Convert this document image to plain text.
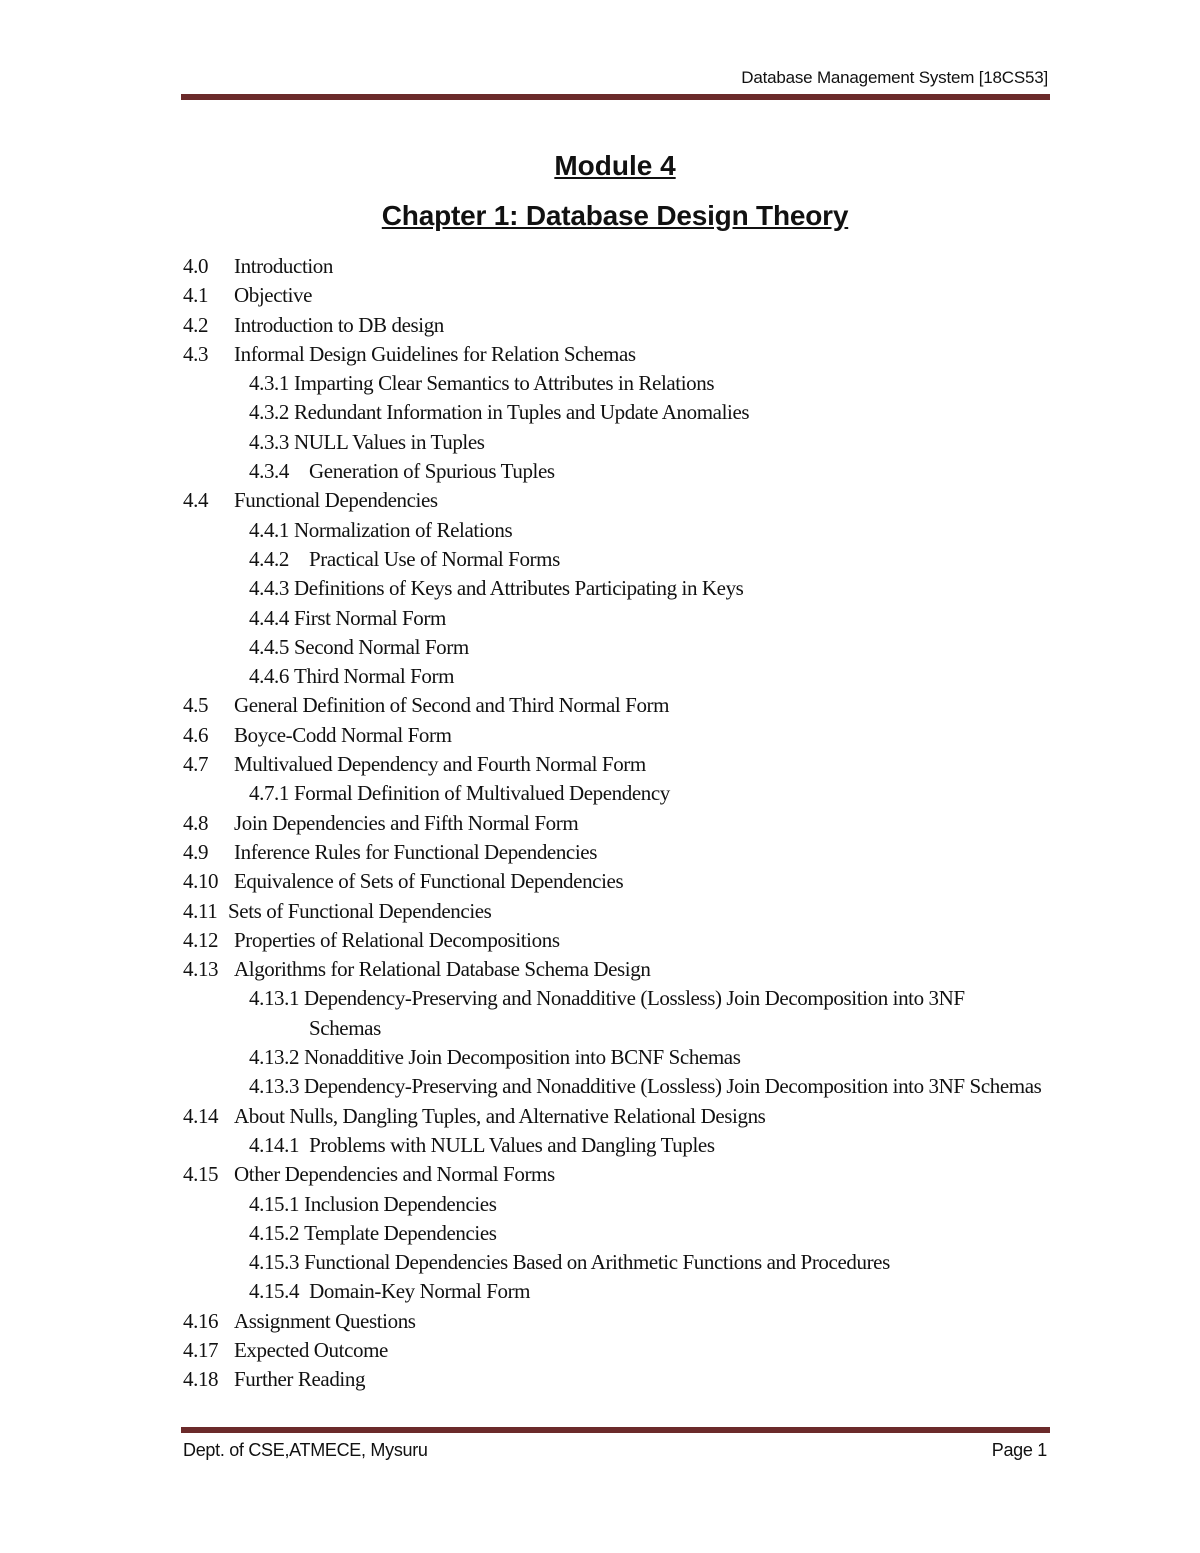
Database Management System [18CS53]
Module 4
Chapter 1: Database Design Theory
4.0	Introduction
4.1	Objective
4.2	Introduction to DB design
4.3	Informal Design Guidelines for Relation Schemas
4.3.1 Imparting Clear Semantics to Attributes in Relations
4.3.2 Redundant Information in Tuples and Update Anomalies
4.3.3 NULL Values in Tuples
4.3.4 Generation of Spurious Tuples
4.4	Functional Dependencies
4.4.1 Normalization of Relations
4.4.2 Practical Use of Normal Forms
4.4.3 Definitions of Keys and Attributes Participating in Keys
4.4.4 First Normal Form
4.4.5 Second Normal Form
4.4.6 Third Normal Form
4.5	General Definition of Second and Third Normal Form
4.6	Boyce-Codd Normal Form
4.7	Multivalued Dependency and Fourth Normal Form
4.7.1 Formal Definition of Multivalued Dependency
4.8	Join Dependencies and Fifth Normal Form
4.9	Inference Rules for Functional Dependencies
4.10 Equivalence of Sets of Functional Dependencies
4.11 Sets of Functional Dependencies
4.12 Properties of Relational Decompositions
4.13 Algorithms for Relational Database Schema Design
4.13.1 Dependency-Preserving and Nonadditive (Lossless) Join Decomposition into 3NF
Schemas
4.13.2 Nonadditive Join Decomposition into BCNF Schemas
4.13.3 Dependency-Preserving and Nonadditive (Lossless) Join Decomposition into 3NF Schemas
4.14 About Nulls, Dangling Tuples, and Alternative Relational Designs
4.14.1 Problems with NULL Values and Dangling Tuples
4.15 Other Dependencies and Normal Forms
4.15.1 Inclusion Dependencies
4.15.2 Template Dependencies
4.15.3 Functional Dependencies Based on Arithmetic Functions and Procedures
4.15.4 Domain-Key Normal Form
4.16 Assignment Questions
4.17 Expected Outcome
4.18 Further Reading
Dept. of CSE,ATMECE, Mysuru	Page 1
